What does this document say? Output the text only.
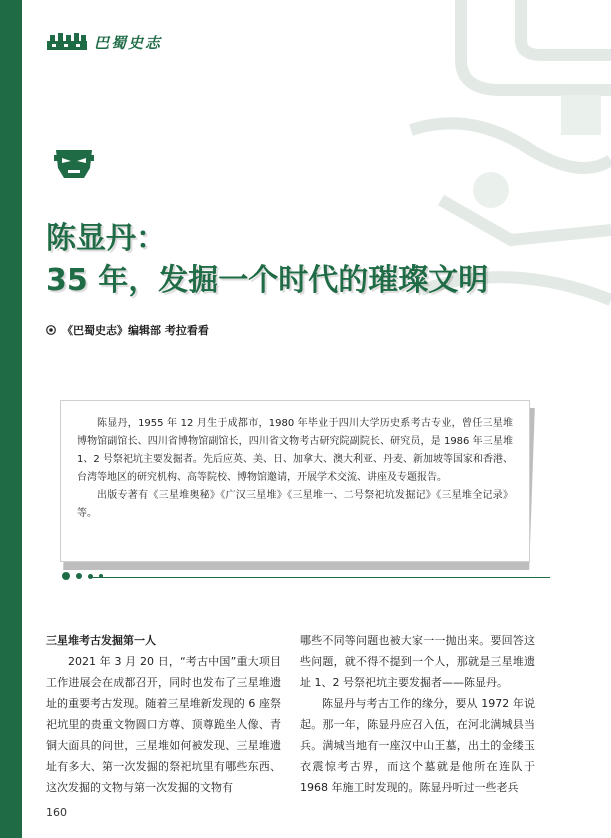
巴蜀史志
陈显丹：
35 年，发掘一个时代的璀璨文明
《巴蜀史志》编辑部 考拉看看

陈显丹，1955 年 12 月生于成都市，1980 年毕业于四川大学历史系考古专业，曾任三星堆博物馆副馆长、四川省博物馆副馆长，四川省文物考古研究院副院长、研究员，是 1986 年三星堆 1、2 号祭祀坑主要发掘者。先后应英、美、日、加拿大、澳大利亚、丹麦、新加坡等国家和香港、台湾等地区的研究机构、高等院校、博物馆邀请，开展学术交流、讲座及专题报告。

出版专著有《三星堆奥秘》《广汉三星堆》《三星堆一、二号祭祀坑发掘记》《三星堆全记录》等。

三星堆考古发掘第一人

2021 年 3 月 20 日，“考古中国”重大项目工作进展会在成都召开，同时也发布了三星堆遗址的重要考古发现。随着三星堆新发现的 6 座祭祀坑里的贵重文物圆口方尊、顶尊跪坐人像、青铜大面具的问世，三星堆如何被发现、三星堆遗址有多大、第一次发掘的祭祀坑里有哪些东西、这次发掘的文物与第一次发掘的文物有

哪些不同等问题也被大家一一抛出来。要回答这些问题，就不得不提到一个人，那就是三星堆遗址 1、2 号祭祀坑主要发掘者——陈显丹。

陈显丹与考古工作的缘分，要从 1972 年说起。那一年，陈显丹应召入伍，在河北满城县当兵。满城当地有一座汉中山王墓，出土的金缕玉衣震惊考古界，而这个墓就是他所在连队于 1968 年施工时发现的。陈显丹听过一些老兵

160
